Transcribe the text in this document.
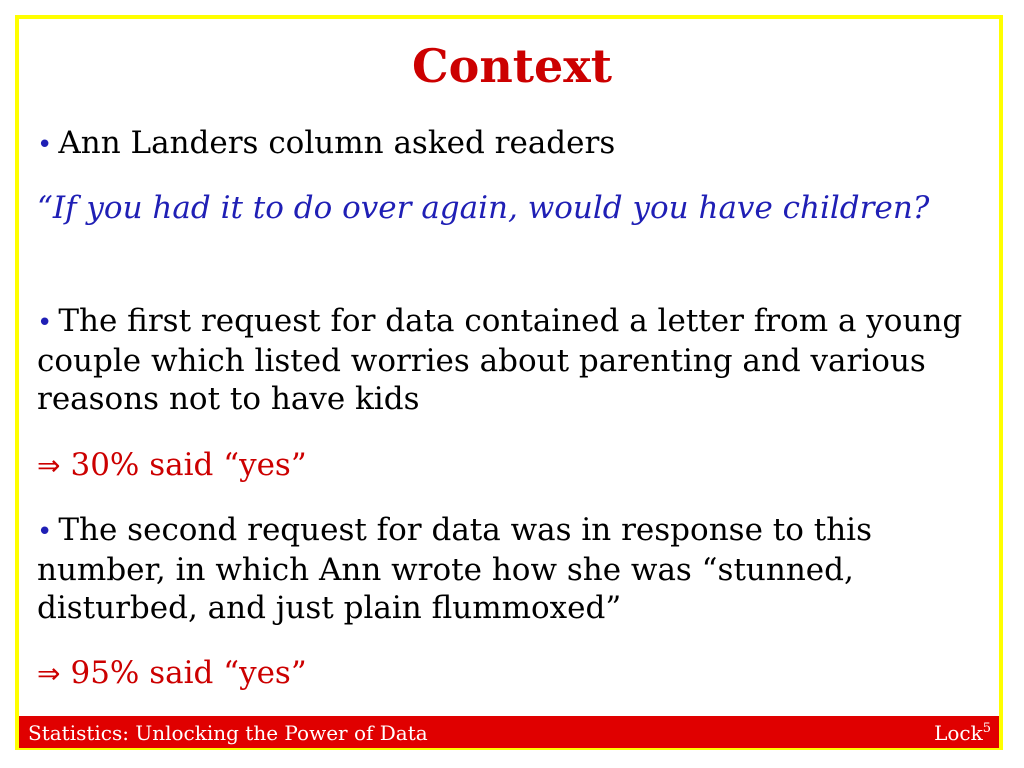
Context

• Ann Landers column asked readers

“If you had it to do over again, would you have children?

• The first request for data contained a letter from a young couple which listed worries about parenting and various reasons not to have kids

⇒ 30% said “yes”

• The second request for data was in response to this number, in which Ann wrote how she was “stunned, disturbed, and just plain flummoxed”

⇒ 95% said “yes”

Statistics: Unlocking the Power of Data	Lock$^5$
